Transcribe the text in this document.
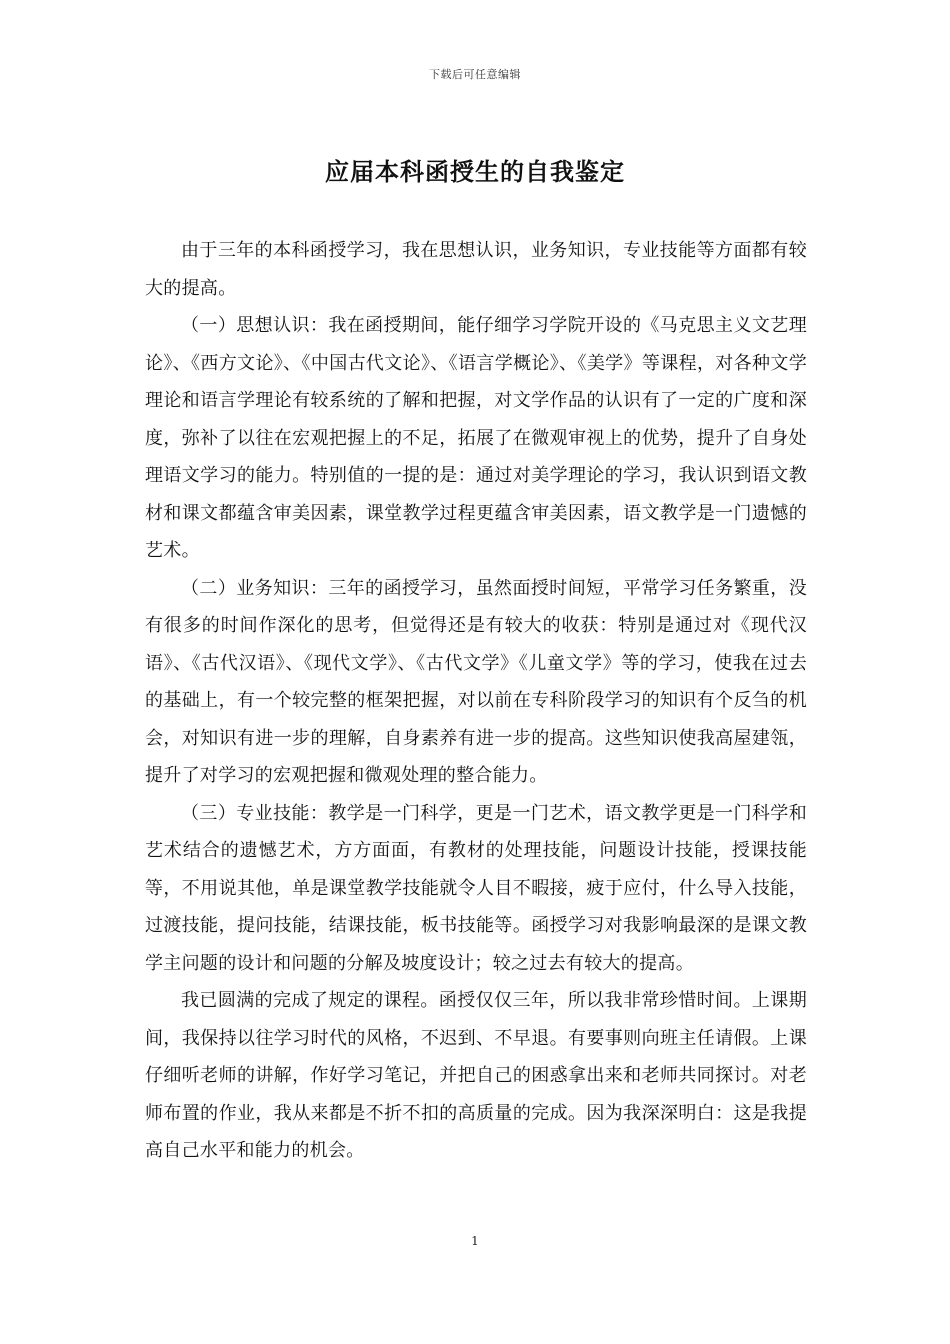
下载后可任意编辑
应届本科函授生的自我鉴定

由于三年的本科函授学习，我在思想认识，业务知识，专业技能等方面都有较大的提高。

（一）思想认识：我在函授期间，能仔细学习学院开设的《马克思主义文艺理论》、《西方文论》、《中国古代文论》、《语言学概论》、《美学》等课程，对各种文学理论和语言学理论有较系统的了解和把握，对文学作品的认识有了一定的广度和深度，弥补了以往在宏观把握上的不足，拓展了在微观审视上的优势，提升了自身处理语文学习的能力。特别值的一提的是：通过对美学理论的学习，我认识到语文教材和课文都蕴含审美因素，课堂教学过程更蕴含审美因素，语文教学是一门遗憾的艺术。

（二）业务知识：三年的函授学习，虽然面授时间短，平常学习任务繁重，没有很多的时间作深化的思考，但觉得还是有较大的收获：特别是通过对《现代汉语》、《古代汉语》、《现代文学》、《古代文学》《儿童文学》等的学习，使我在过去的基础上，有一个较完整的框架把握，对以前在专科阶段学习的知识有个反刍的机会，对知识有进一步的理解，自身素养有进一步的提高。这些知识使我高屋建瓴，提升了对学习的宏观把握和微观处理的整合能力。

（三）专业技能：教学是一门科学，更是一门艺术，语文教学更是一门科学和艺术结合的遗憾艺术，方方面面，有教材的处理技能，问题设计技能，授课技能等，不用说其他，单是课堂教学技能就令人目不暇接，疲于应付，什么导入技能，过渡技能，提问技能，结课技能，板书技能等。函授学习对我影响最深的是课文教学主问题的设计和问题的分解及坡度设计；较之过去有较大的提高。

我已圆满的完成了规定的课程。函授仅仅三年，所以我非常珍惜时间。上课期间，我保持以往学习时代的风格，不迟到、不早退。有要事则向班主任请假。上课仔细听老师的讲解，作好学习笔记，并把自己的困惑拿出来和老师共同探讨。对老师布置的作业，我从来都是不折不扣的高质量的完成。因为我深深明白：这是我提高自己水平和能力的机会。

1
